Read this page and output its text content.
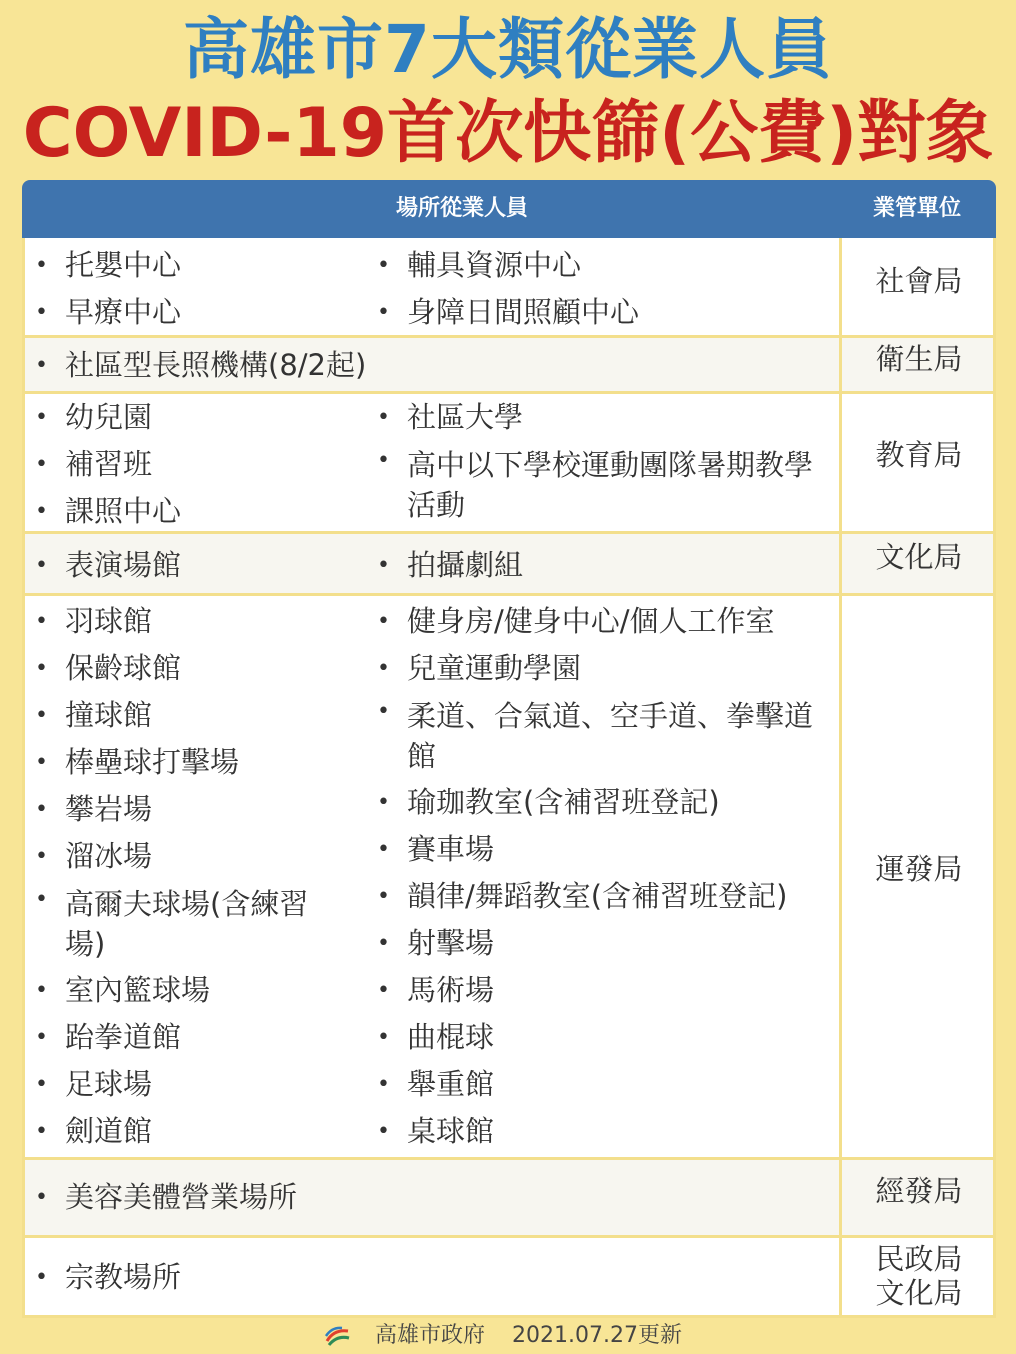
高雄市7大類從業人員
COVID-19首次快篩(公費)對象
場所從業人員	業管單位
• 托嬰中心
• 早療中心
• 輔具資源中心
• 身障日間照顧中心
社會局
• 社區型長照機構(8/2起)	衛生局
• 幼兒園
• 補習班
• 課照中心
• 社區大學
• 高中以下學校運動團隊暑期教學活動
教育局
• 表演場館
•	拍攝劇組	文化局
• 羽球館
• 保齡球館
• 撞球館
• 棒壘球打擊場
• 攀岩場
• 溜冰場
• 高爾夫球場(含練習場)
• 室內籃球場
• 跆拳道館
• 足球場
• 劍道館
• 健身房/健身中心/個人工作室
• 兒童運動學園
• 柔道、合氣道、空手道、拳擊道館
• 瑜珈教室(含補習班登記)
• 賽車場
• 韻律/舞蹈教室(含補習班登記)
• 射擊場
• 馬術場
• 曲棍球
• 舉重館
• 桌球館
運發局
• 美容美體營業場所	經發局
• 宗教場所
民政局
文化局
高雄市政府 2021.07.27更新
